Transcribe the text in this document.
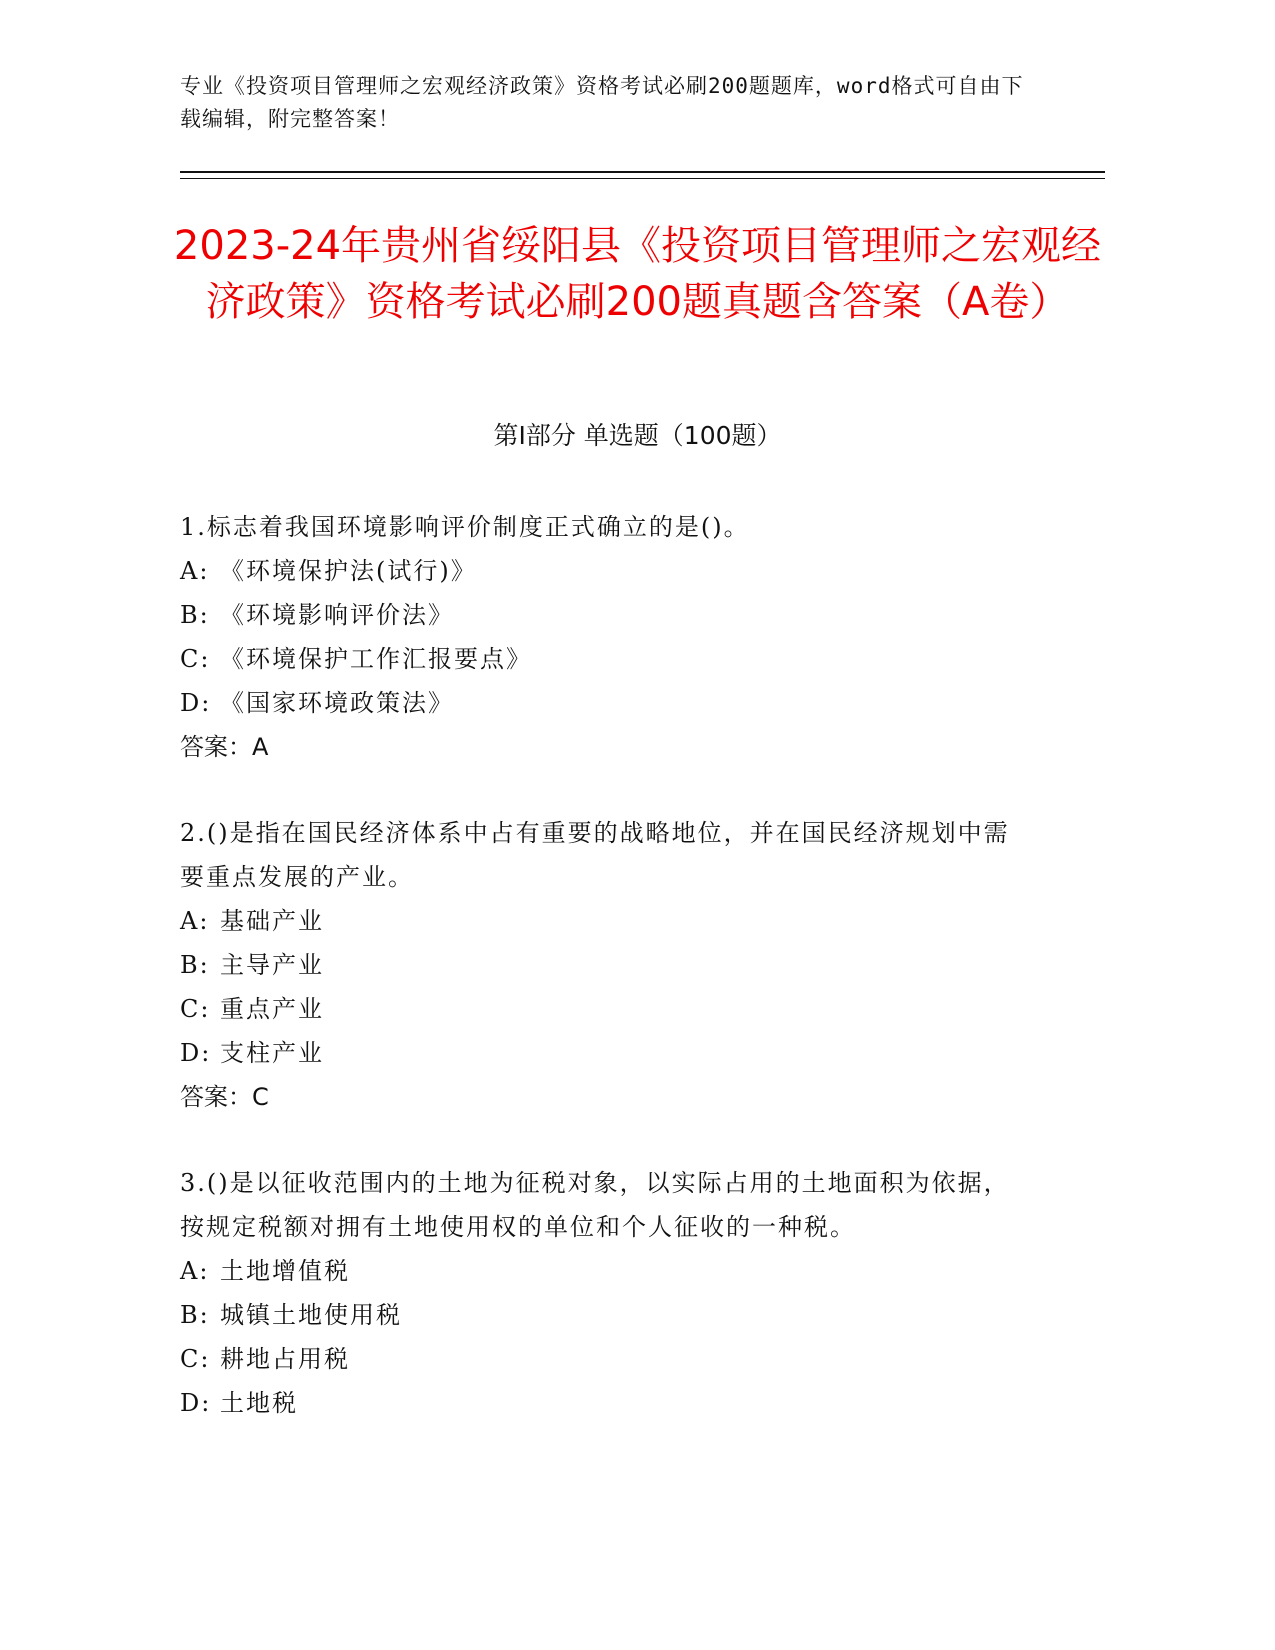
专业《投资项目管理师之宏观经济政策》资格考试必刷200题题库，word格式可自由下载编辑，附完整答案！
2023-24年贵州省绥阳县《投资项目管理师之宏观经济政策》资格考试必刷200题真题含答案（A卷）
第Ⅰ部分 单选题（100题）

1.标志着我国环境影响评价制度正式确立的是()。

A: 《环境保护法(试行)》

B: 《环境影响评价法》

C: 《环境保护工作汇报要点》

D: 《国家环境政策法》

答案：A

2.()是指在国民经济体系中占有重要的战略地位，并在国民经济规划中需要重点发展的产业。

A: 基础产业

B: 主导产业

C: 重点产业

D: 支柱产业

答案：C

3.()是以征收范围内的土地为征税对象，以实际占用的土地面积为依据，按规定税额对拥有土地使用权的单位和个人征收的一种税。

A: 土地增值税

B: 城镇土地使用税

C: 耕地占用税

D: 土地税
